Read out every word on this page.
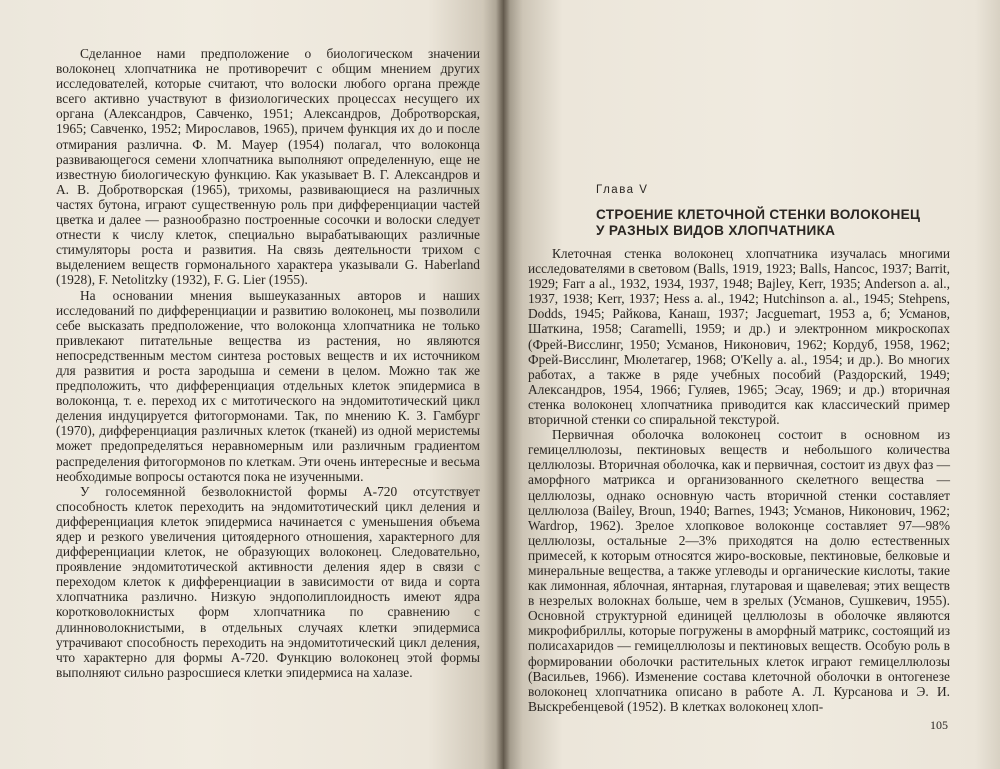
Сделанное нами предположение о биологическом значении волоконец хлопчатника не противоречит с общим мнением других исследователей, которые считают, что волоски любого органа прежде всего активно участвуют в физиологических процессах несущего их органа (Александров, Савченко, 1951; Александров, Добротворская, 1965; Савченко, 1952; Мирославов, 1965), причем функция их до и после отмирания различна. Ф. М. Мауер (1954) полагал, что волоконца развивающегося семени хлопчатника выполняют определенную, еще не известную биологическую функцию. Как указывает В. Г. Александров и А. В. Добротворская (1965), трихомы, развивающиеся на различных частях бутона, играют существенную роль при дифференциации частей цветка и далее — разнообразно построенные сосочки и волоски следует отнести к числу клеток, специально вырабатывающих различные стимуляторы роста и развития. На связь деятельности трихом с выделением веществ гормонального характера указывали G. Haberland (1928), F. Netolitzky (1932), F. G. Lier (1955).

На основании мнения вышеуказанных авторов и наших исследований по дифференциации и развитию волоконец, мы позволили себе высказать предположение, что волоконца хлопчатника не только привлекают питательные вещества из растения, но являются непосредственным местом синтеза ростовых веществ и их источником для развития и роста зародыша и семени в целом. Можно так же предположить, что дифференциация отдельных клеток эпидермиса в волоконца, т. е. переход их с митотического на эндомитотический цикл деления индуцируется фитогормонами. Так, по мнению К. З. Гамбург (1970), дифференциация различных клеток (тканей) из одной меристемы может предопределяться неравномерным или различным градиентом распределения фитогормонов по клеткам. Эти очень интересные и весьма необходимые вопросы остаются пока не изученными.

У голосемянной безволокнистой формы А-720 отсутствует способность клеток переходить на эндомитотический цикл деления и дифференциация клеток эпидермиса начинается с уменьшения объема ядер и резкого увеличения цитоядерного отношения, характерного для дифференциации клеток, не образующих волоконец. Следовательно, проявление эндомитотической активности деления ядер в связи с переходом клеток к дифференциации в зависимости от вида и сорта хлопчатника различно. Низкую эндополиплоидность имеют ядра коротковолокнистых форм хлопчатника по сравнению с длинноволокнистыми, в отдельных случаях клетки эпидермиса утрачивают способность переходить на эндомитотический цикл деления, что характерно для формы А-720. Функцию волоконец этой формы выполняют сильно разросшиеся клетки эпидермиса на халазе.

Глава V
СТРОЕНИЕ КЛЕТОЧНОЙ СТЕНКИ ВОЛОКОНЕЦ У РАЗНЫХ ВИДОВ ХЛОПЧАТНИКА

Клеточная стенка волоконец хлопчатника изучалась многими исследователями в световом (Balls, 1919, 1923; Balls, Hancoc, 1937; Barrit, 1929; Farr a al., 1932, 1934, 1937, 1948; Bajley, Kerr, 1935; Anderson a. al., 1937, 1938; Kerr, 1937; Hess a. al., 1942; Hutchinson a. al., 1945; Stehpens, Dodds, 1945; Райкова, Канаш, 1937; Jacguemart, 1953 а, б; Усманов, Шаткина, 1958; Caramelli, 1959; и др.) и электронном микроскопах (Фрей-Висслинг, 1950; Усманов, Никонович, 1962; Кордуб, 1958, 1962; Фрей-Висслинг, Мюлетагер, 1968; O'Kelly a. al., 1954; и др.). Во многих работах, а также в ряде учебных пособий (Раздорский, 1949; Александров, 1954, 1966; Гуляев, 1965; Эсау, 1969; и др.) вторичная стенка волоконец хлопчатника приводится как классический пример вторичной стенки со спиральной текстурой.

Первичная оболочка волоконец состоит в основном из гемицеллюлозы, пектиновых веществ и небольшого количества целлюлозы. Вторичная оболочка, как и первичная, состоит из двух фаз — аморфного матрикса и организованного скелетного вещества — целлюлозы, однако основную часть вторичной стенки составляет целлюлоза (Bailey, Broun, 1940; Barnes, 1943; Усманов, Никонович, 1962; Wardrop, 1962). Зрелое хлопковое волоконце составляет 97—98% целлюлозы, остальные 2—3% приходятся на долю естественных примесей, к которым относятся жиро-восковые, пектиновые, белковые и минеральные вещества, а также углеводы и органические кислоты, такие как лимонная, яблочная, янтарная, глутаровая и щавелевая; этих веществ в незрелых волокнах больше, чем в зрелых (Усманов, Сушкевич, 1955). Основной структурной единицей целлюлозы в оболочке являются микрофибриллы, которые погружены в аморфный матрикс, состоящий из полисахаридов — гемицеллюлозы и пектиновых веществ. Особую роль в формировании оболочки растительных клеток играют гемицеллюлозы (Васильев, 1966). Изменение состава клеточной оболочки в онтогенезе волоконец хлопчатника описано в работе А. Л. Курсанова и Э. И. Выскребенцевой (1952). В клетках волоконец хлоп-

105
